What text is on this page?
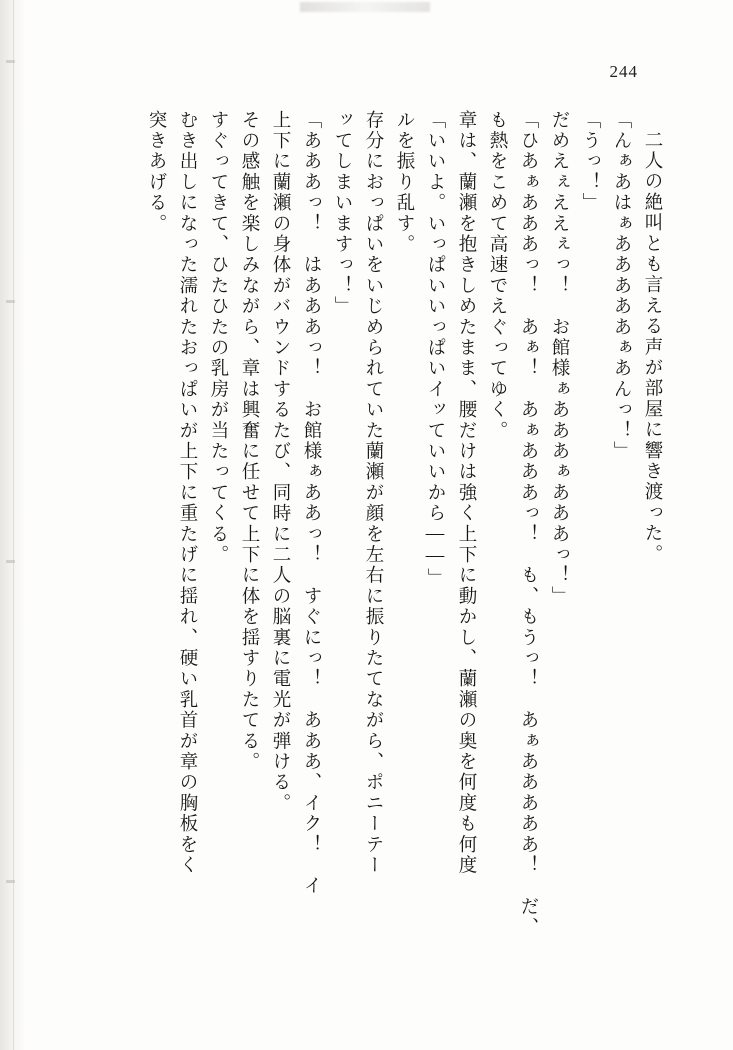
244
突きあげる。 むき出しになった濡れたおっぱいが上下に重たげに揺れ、硬い乳首が章の胸板をく すぐってきて、ひたひたの乳房が当たってくる。 その感触を楽しみながら、章は興奮に任せて上下に体を揺すりたてる。 上下に蘭瀬の身体がバウンドするたび、同時に二人の脳裏に電光が弾ける。 「あああっ！　はあああっ！　お館様ぁああっ！　すぐにっ！　あああ、イク！　イ ッてしまいますっ！」 存分におっぱいをいじめられていた蘭瀬が顔を左右に振りたてながら、ポニーテー ルを振り乱す。 「いいよ。いっぱいいっぱいイッていいから――」 章は、蘭瀬を抱きしめたまま、腰だけは強く上下に動かし、蘭瀬の奥を何度も何度 も熱をこめて高速でえぐってゆく。 「ひあぁあああっ！　あぁ！　あぁあああっ！　も、もうっ！　あぁあああああ！　だ、 だめえぇええぇっ！　お館様ぁあああぁあああっ！」 「うっ！」 「んぁあはぁあああああぁあんっ！」 二人の絶叫とも言える声が部屋に響き渡った。
